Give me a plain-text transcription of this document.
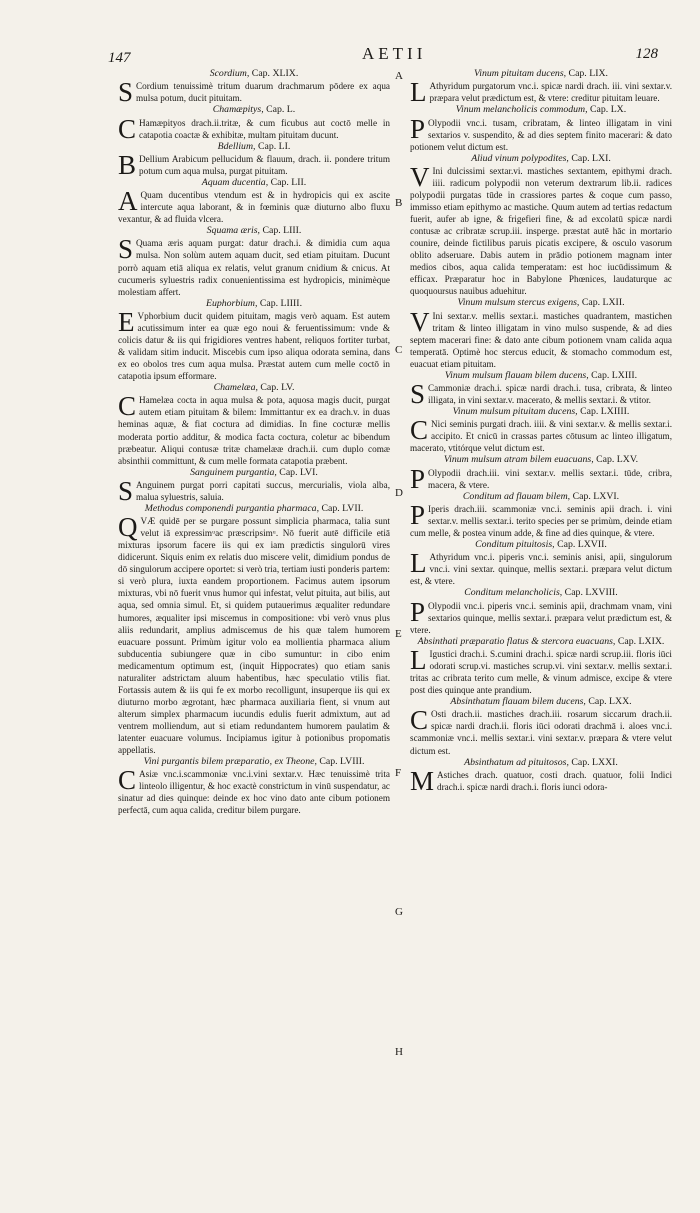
147	AETII	128
A
B
C
D
E
F
G
H

Scordium, Cap. XLIX.

SCordium tenuissimè tritum duarum drachmarum pōdere ex aqua mulsa potum, ducit pituitam.

Chamæpitys, Cap. L.

CHamæpityos drach.ii.tritæ, & cum ficubus aut coctō melle in catapotia coactæ & exhibitæ, multam pituitam ducunt.

Bdellium, Cap. LI.

BDellium Arabicum pellucidum & flauum, drach. ii. pondere tritum potum cum aqua mulsa, purgat pituitam.

Aquam ducentia, Cap. LII.

AQuam ducentibus vtendum est & in hydropicis qui ex ascite intercute aqua laborant, & in fœminis quæ diuturno albo fluxu vexantur, & ad fluida vlcera.

Squama æris, Cap. LIII.

SQuama æris aquam purgat: datur drach.i. & dimidia cum aqua mulsa. Non solùm autem aquam ducit, sed etiam pituitam. Ducunt porrò aquam etiā aliqua ex relatis, velut granum cnidium & cnicus. At cucumeris syluestris radix conuenientissima est hydropicis, minimèque molestiam affert.

Euphorbium, Cap. LIIII.

EVphorbium ducit quidem pituitam, magis verò aquam. Est autem acutissimum inter ea quæ ego noui & feruentissimum: vnde & colicis datur & iis qui frigidiores ventres habent, reliquos fortiter turbat, & validam sitim inducit. Miscebis cum ipso aliqua odorata semina, dans ex eo obolos tres cum aqua mulsa. Præstat autem cum melle coctō in catapotia ipsum efformare.

Chamelæa, Cap. LV.

CHamelæa cocta in aqua mulsa & pota, aquosa magis ducit, purgat autem etiam pituitam & bilem: Immittantur ex ea drach.v. in duas heminas aquæ, & fiat coctura ad dimidias. In fine cocturæ mellis moderata portio additur, & modica facta coctura, coletur ac bibendum præbeatur. Aliqui contusæ tritæ chamelææ drach.ii. cum duplo comæ absinthii committunt, & cum melle formata catapotia præbent.

Sanguinem purgantia, Cap. LVI.

SAnguinem purgat porri capitati succus, mercurialis, viola alba, malua syluestris, saluia.

Methodus componendi purgantia pharmaca, Cap. LVII.

QVÆ quidē per se purgare possunt simplicia pharmaca, talia sunt velut iā expressimᵘac præscripsimᵘ. Nō fuerit autē difficile etiā mixturas ipsorum facere iis qui ex iam prædictis singulorū vires didicerunt. Siquis enim ex relatis duo miscere velit, dimidium pondus de dō singulorum accipere oportet: si verò tria, tertiam iusti ponderis partem: si verò plura, iuxta eandem proportionem. Facimus autem ipsorum mixturas, vbi nō fuerit vnus humor qui infestat, velut pituita, aut bilis, aut aqua, sed omnia simul. Et, si quidem putauerimus æqualiter redundare humores, æqualiter ipsi miscemus in compositione: vbi verò vnus plus aliis redundarit, amplius admiscemus de his quæ talem humorem euacuare possunt. Primùm igitur volo ea mollientia pharmaca alium subducentia subiungere quæ in cibo sumuntur: in cibo enim medicamentum optimum est, (inquit Hippocrates) quo etiam sanis naturaliter adstrictam aluum habentibus, hæc speculatio vtilis fiat. Fortassis autem & iis qui fe ex morbo recolligunt, insuperque iis qui ex diuturno morbo ægrotant, hæc pharmaca auxiliaria fient, si vnum aut alterum simplex pharmacum iucundis edulis fuerit admixtum, aut ad ventrem molliendum, aut si etiam redundantem humorem paulatim & latenter euacuare volumus. Incipiamus igitur à potionibus propomatis appellatis.

Vini purgantis bilem præparatio, ex Theone, Cap. LVIII.

CAsiæ vnc.i.scammoniæ vnc.i.vini sextar.v. Hæc tenuissimè trita linteolo illigentur, & hoc exactè constrictum in vinū suspendatur, ac sinatur ad dies quinque: deinde ex hoc vino dato ante cibum potionem perfectā, cum aqua calida, creditur bilem purgare.

Vinum pituitam ducens, Cap. LIX.

LAthyridum purgatorum vnc.i. spicæ nardi drach. iii. vini sextar.v. præpara velut prædictum est, & vtere: creditur pituitam leuare.

Vinum melancholicis commodum, Cap. LX.

POlypodii vnc.i. tusam, cribratam, & linteo illigatam in vini sextarios v. suspendito, & ad dies septem finito macerari: & dato potionem velut dictum est.

Aliud vinum polypodites, Cap. LXI.

VIni dulcissimi sextar.vi. mastiches sextantem, epithymi drach. iiii. radicum polypodii non veterum dextrarum lib.ii. radices polypodii purgatas tūde in crassiores partes & coque cum passo, immisso etiam epithymo ac mastiche. Quum autem ad tertias redactum fuerit, aufer ab igne, & frigefieri fine, & ad excolatū spicæ nardi contusæ ac cribratæ scrup.iii. insperge. præstat autē hāc in mortario counire, deinde fictilibus paruis picatis excipere, & osculo vasorum oblito adseruare. Dabis autem in prādio potionem magnam inter medios cibos, aqua calida temperatam: est hoc iucūdissimum & efficax. Præparatur hoc in Babylone Phœnices, laudaturque ac quoquoursus nauibus aduehitur.

Vinum mulsum stercus exigens, Cap. LXII.

VIni sextar.v. mellis sextar.i. mastiches quadrantem, mastichen tritam & linteo illigatam in vino mulso suspende, & ad dies septem macerari fine: & dato ante cibum potionem vnam calida aqua temperatā. Optimè hoc stercus educit, & stomacho commodum est, euacuat etiam pituitam.

Vinum mulsum flauam bilem ducens, Cap. LXIII.

SCammoniæ drach.i. spicæ nardi drach.i. tusa, cribrata, & linteo illigata, in vini sextar.v. macerato, & mellis sextar.i. & vtitor.

Vinum mulsum pituitam ducens, Cap. LXIIII.

CNici seminis purgati drach. iiii. & vini sextar.v. & mellis sextar.i. accipito. Et cnicū in crassas partes cōtusum ac linteo illigatum, macerato, vtitórque velut dictum est.

Vinum mulsum atram bilem euacuans, Cap. LXV.

POlypodii drach.iii. vini sextar.v. mellis sextar.i. tūde, cribra, macera, & vtere.

Conditum ad flauam bilem, Cap. LXVI.

PIperis drach.iii. scammoniæ vnc.i. seminis apii drach. i. vini sextar.v. mellis sextar.i. terito species per se primùm, deinde etiam cum melle, & postea vinum adde, & fine ad dies quinque, & vtere.

Conditum pituitosis, Cap. LXVII.

LAthyridum vnc.i. piperis vnc.i. seminis anisi, apii, singulorum vnc.i. vini sextar. quinque, mellis sextar.i. præpara velut dictum est, & vtere.

Conditum melancholicis, Cap. LXVIII.

POlypodii vnc.i. piperis vnc.i. seminis apii, drachmam vnam, vini sextarios quinque, mellis sextar.i. præpara velut prædictum est, & vtere.

Absinthati præparatio flatus & stercora euacuans, Cap. LXIX.

LIgustici drach.i. S.cumini drach.i. spicæ nardi scrup.iii. floris iūci odorati scrup.vi. mastiches scrup.vi. vini sextar.v. mellis sextar.i. tritas ac cribrata terito cum melle, & vinum admisce, excipe & vtere post dies quinque ante prandium.

Absinthatum flauam bilem ducens, Cap. LXX.

COsti drach.ii. mastiches drach.iii. rosarum siccarum drach.ii. spicæ nardi drach.ii. floris iūci odorati drachmā i. aloes vnc.i. scammoniæ vnc.i. mellis sextar.i. vini sextar.v. præpara & vtere velut dictum est.

Absinthatum ad pituitosos, Cap. LXXI.

MAstiches drach. quatuor, costi drach. quatuor, folii Indici drach.i. spicæ nardi drach.i. floris iunci odora-
